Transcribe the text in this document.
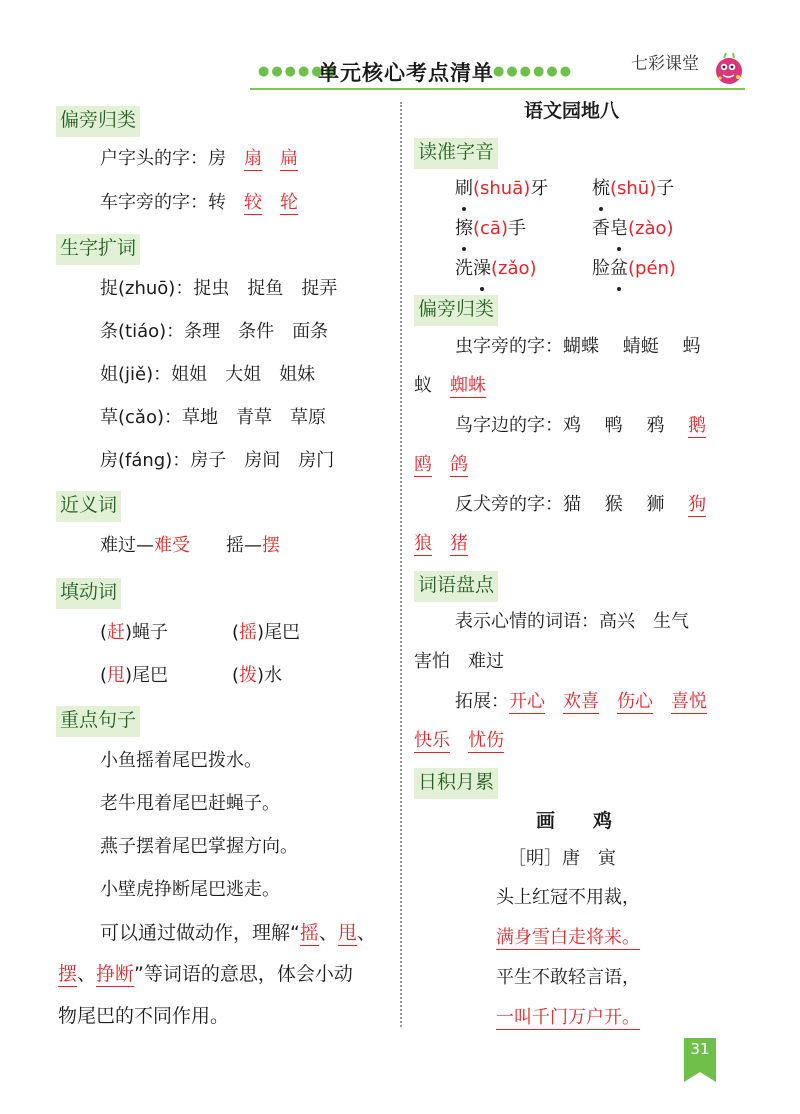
●●●●●●
单元核心考点清单 ●●●●●●	七彩课堂
偏旁归类
户字头的字：房　 扇　 扁
车字旁的字：转　 较　 轮
生字扩词
捉(zhuō)：捉虫　捉鱼　捉弄
条(tiáo)：条理　条件　面条
姐(jiě)：姐姐　大姐　姐妹
草(cǎo)：草地　青草　草原
房(fáng)：房子　房间　房门
近义词
难过—难受　　 摇—摆
填动词
(赶)蝇子	(摇)尾巴
(甩)尾巴	(拨)水
重点句子
小鱼摇着尾巴拨水。
老牛甩着尾巴赶蝇子。
燕子摆着尾巴掌握方向。
小壁虎挣断尾巴逃走。
可以通过做动作，理解“摇、甩、
摆、挣断”等词语的意思，体会小动
物尾巴的不同作用。
语文园地八
读准字音
刷(shuā)牙 梳(shū)子
擦(cā)手	香皂(zào)
洗澡(zǎo)	脸盆(pén)
偏旁归类
虫字旁的字：蝴蝶　 蜻蜓　 蚂
蚁　蜘蛛
鸟字边的字：鸡　 鸭　 鸦　 鹅
鸥　 鸽
反犬旁的字：猫　 猴　 狮　 狗
狼　 猪
词语盘点
表示心情的词语：高兴　生气
害怕　难过
拓展：开心　 欢喜　 伤心　 喜悦
快乐　 忧伤
日积月累
画　　鸡
［明］唐　寅
头上红冠不用裁，
满身雪白走将来。
平生不敢轻言语，
一叫千门万户开。
31
